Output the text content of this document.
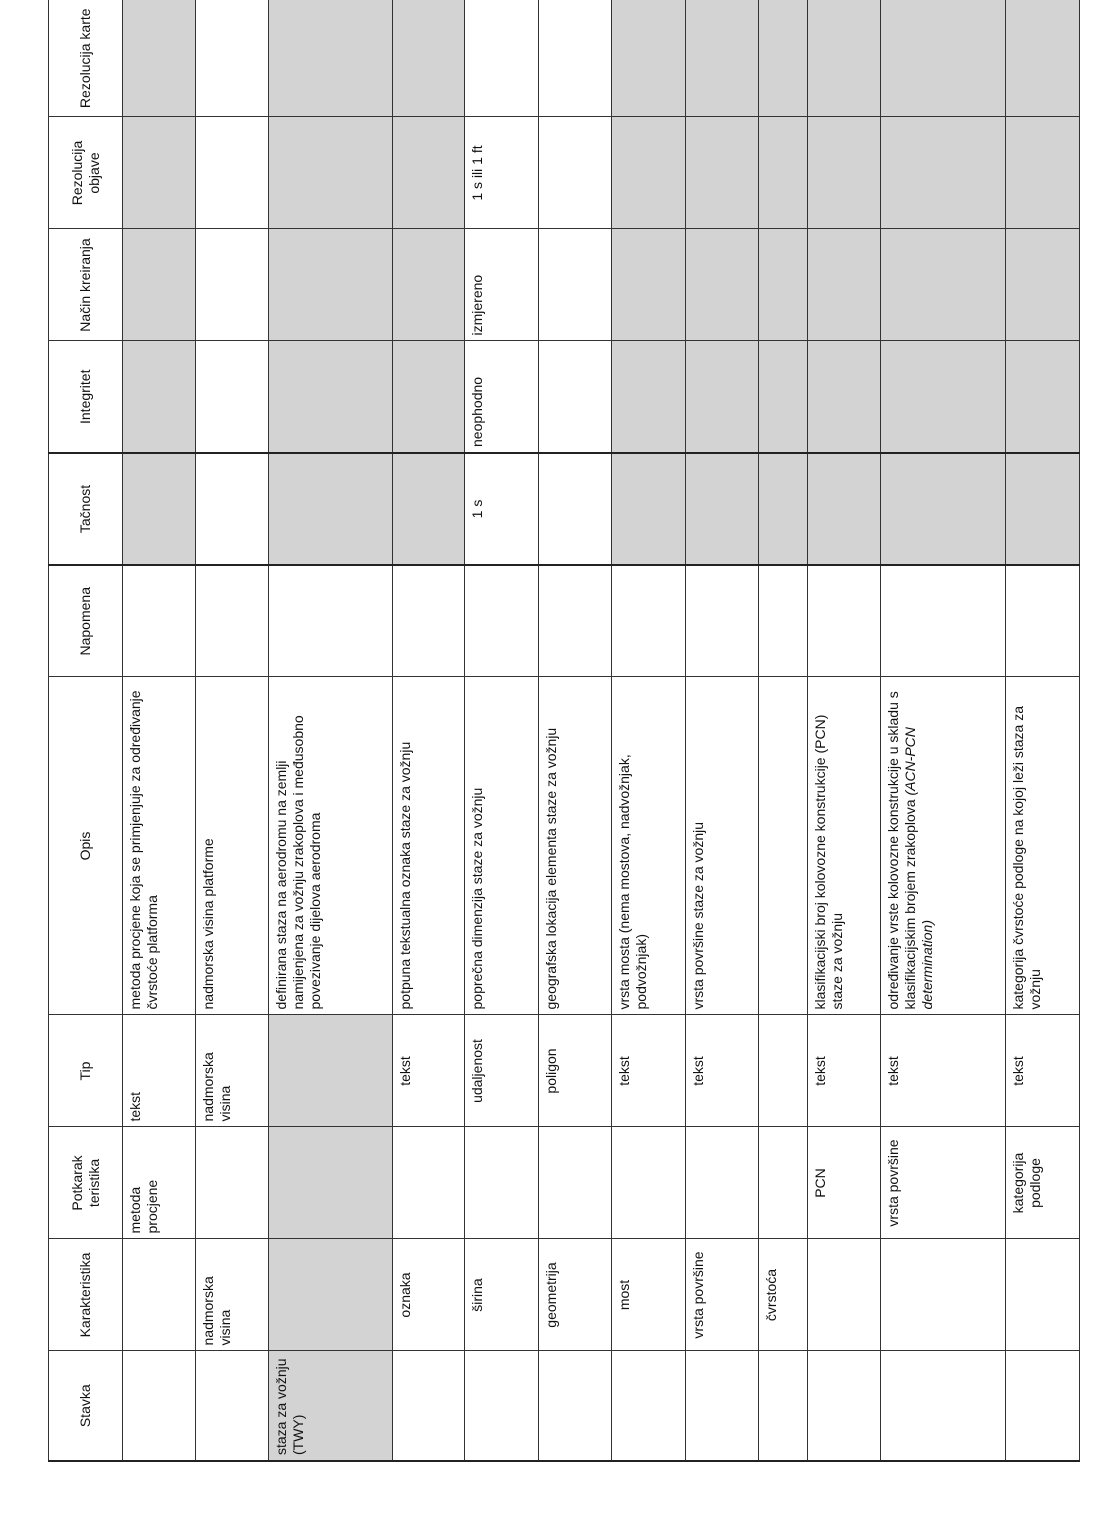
Stavka	Karakteristika	Potkarak teristika	Tip	Opis	Napomena	Tačnost	Integritet	Način kreiranja	Rezolucija objave	Rezolucija karte
		metoda procjene	tekst	metoda procjene koja se primjenjuje za određivanje čvrstoće platforma						
	nadmorska visina		nadmorska visina	nadmorska visina platforme						
staza za vožnju (TWY)				definirana staza na aerodromu na zemlji namijenjena za vožnju zrakoplova i međusobno povezivanje dijelova aerodroma						
	oznaka		tekst	potpuna tekstualna oznaka staze za vožnju						
	širina		udaljenost	poprečna dimenzija staze za vožnju		1 s	neophodno	izmjereno	1 s ili 1 ft	
	geometrija		poligon	geografska lokacija elementa staze za vožnju						
	most		tekst	vrsta mosta (nema mostova, nadvožnjak, podvožnjak)						
	vrsta površine		tekst	vrsta površine staze za vožnju						
	čvrstoća									
		PCN	tekst	klasifikacijski broj kolovozne konstrukcije (PCN) staze za vožnju						
		vrsta površine	tekst	određivanje vrste kolovozne konstrukcije u skladu s klasifikacijskim brojem zrakoplova (ACN-PCN determination)						
		kategorija podloge	tekst	kategorija čvrstoće podloge na kojoj leži staza za vožnju						
